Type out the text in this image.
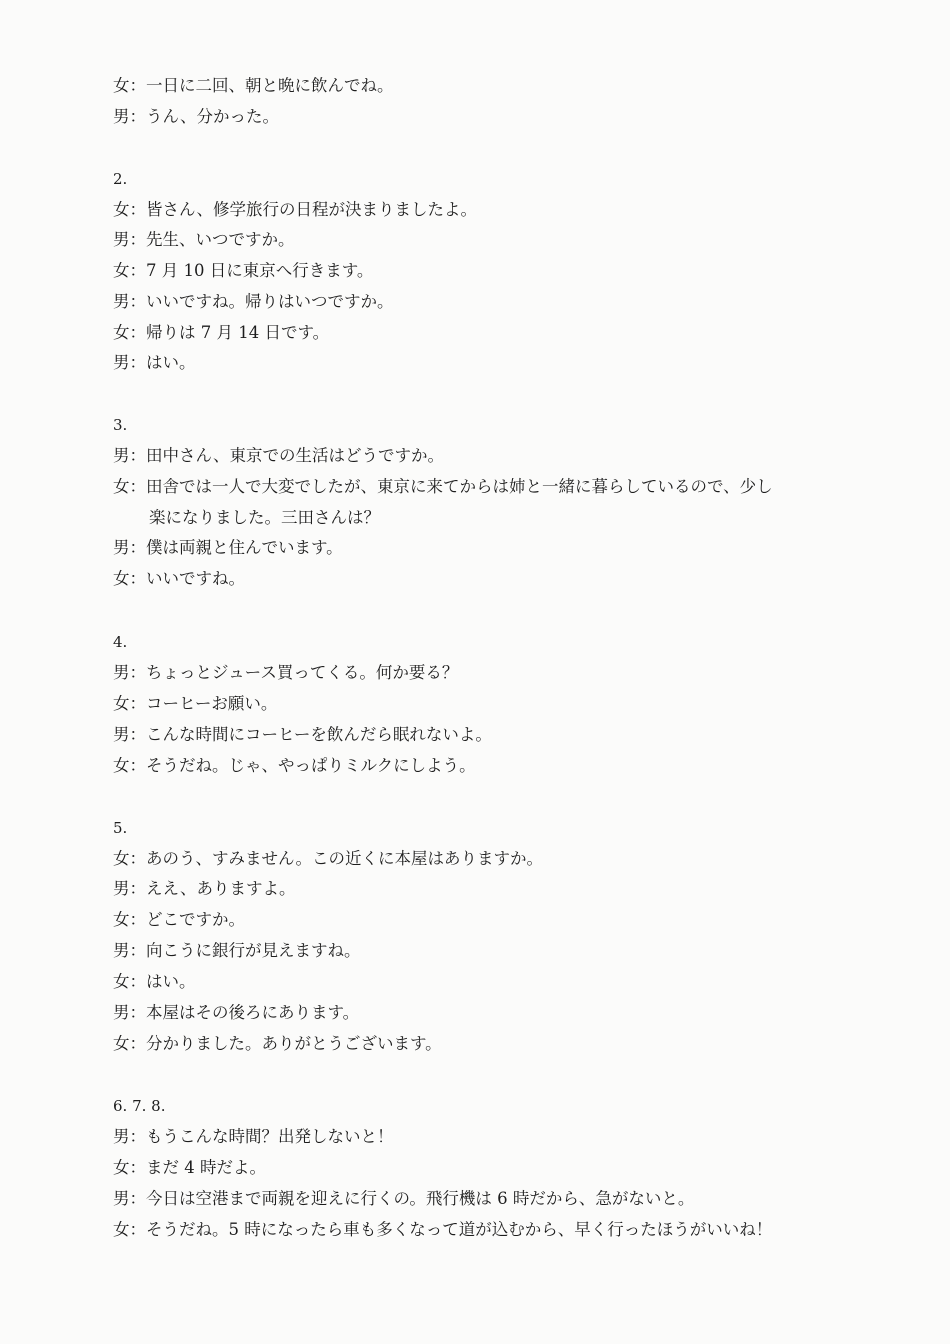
女：一日に二回、朝と晩に飲んでね。
男：うん、分かった。
2.
女：皆さん、修学旅行の日程が決まりましたよ。
男：先生、いつですか。
女：7 月 10 日に東京へ行きます。
男：いいですね。帰りはいつですか。
女：帰りは 7 月 14 日です。
男：はい。
3.
男：田中さん、東京での生活はどうですか。
女：田舎では一人で大変でしたが、東京に来てからは姉と一緒に暮らしているので、少し
楽になりました。三田さんは？
男：僕は両親と住んでいます。
女：いいですね。
4.
男：ちょっとジュース買ってくる。何か要る？
女：コーヒーお願い。
男：こんな時間にコーヒーを飲んだら眠れないよ。
女：そうだね。じゃ、やっぱりミルクにしよう。
5.
女：あのう、すみません。この近くに本屋はありますか。
男：ええ、ありますよ。
女：どこですか。
男：向こうに銀行が見えますね。
女：はい。
男：本屋はその後ろにあります。
女：分かりました。ありがとうございます。
6. 7. 8.
男：もうこんな時間？出発しないと！
女：まだ 4 時だよ。
男：今日は空港まで両親を迎えに行くの。飛行機は 6 時だから、急がないと。
女：そうだね。5 時になったら車も多くなって道が込むから、早く行ったほうがいいね！
